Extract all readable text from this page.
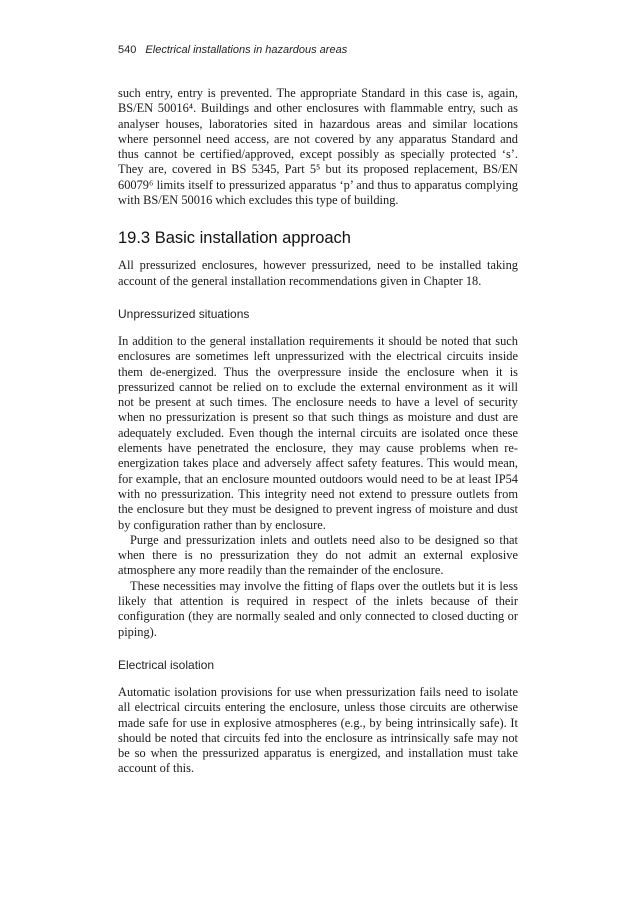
540 Electrical installations in hazardous areas

such entry, entry is prevented. The appropriate Standard in this case is, again, BS/EN 50016⁴. Buildings and other enclosures with flammable entry, such as analyser houses, laboratories sited in hazardous areas and similar locations where personnel need access, are not covered by any apparatus Standard and thus cannot be certified/approved, except possibly as specially protected ‘s’. They are, covered in BS 5345, Part 5⁵ but its proposed replacement, BS/EN 60079⁶ limits itself to pressurized apparatus ‘p’ and thus to apparatus complying with BS/EN 50016 which excludes this type of building.

19.3 Basic installation approach

All pressurized enclosures, however pressurized, need to be installed taking account of the general installation recommendations given in Chapter 18.

Unpressurized situations

In addition to the general installation requirements it should be noted that such enclosures are sometimes left unpressurized with the electrical circuits inside them de-energized. Thus the overpressure inside the enclosure when it is pressurized cannot be relied on to exclude the external environment as it will not be present at such times. The enclosure needs to have a level of security when no pressurization is present so that such things as moisture and dust are adequately excluded. Even though the internal circuits are isolated once these elements have penetrated the enclosure, they may cause problems when re-energization takes place and adversely affect safety features. This would mean, for example, that an enclosure mounted outdoors would need to be at least IP54 with no pressurization. This integrity need not extend to pressure outlets from the enclosure but they must be designed to prevent ingress of moisture and dust by configuration rather than by enclosure.

Purge and pressurization inlets and outlets need also to be designed so that when there is no pressurization they do not admit an external explosive atmosphere any more readily than the remainder of the enclosure.

These necessities may involve the fitting of flaps over the outlets but it is less likely that attention is required in respect of the inlets because of their configuration (they are normally sealed and only connected to closed ducting or piping).

Electrical isolation

Automatic isolation provisions for use when pressurization fails need to isolate all electrical circuits entering the enclosure, unless those circuits are otherwise made safe for use in explosive atmospheres (e.g., by being intrinsically safe). It should be noted that circuits fed into the enclosure as intrinsically safe may not be so when the pressurized apparatus is energized, and installation must take account of this.
